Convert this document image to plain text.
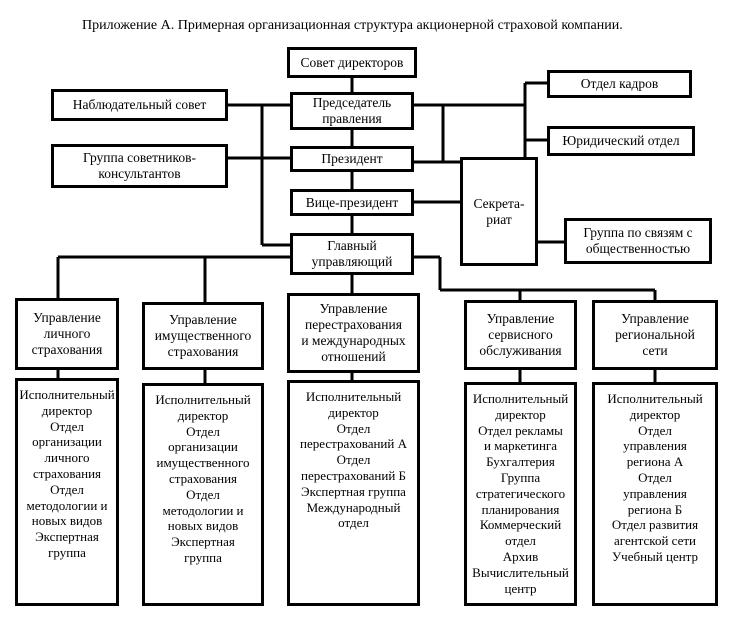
Приложение А. Примерная организационная структура акционерной страховой компании.
Совет директоров
Наблюдательный совет	Председатель
правления
Отдел кадров
Юридический отдел
Группа советников-
консультантов
Президент
Секрета-
риат
Вице-президент
Группа по связям с
общественностью
Главный
управляющий
Управление
личного
страхования
Управление
имущественного
страхования
Управление
перестрахования
и международных
отношений
Управление
сервисного
обслуживания
Управление
региональной
сети
Исполнительный
директор
Отдел
организации
личного
страхования
Отдел
методологии и
новых видов
Экспертная
группа
Исполнительный
директор
Отдел
организации
имущественного
страхования
Отдел
методологии и
новых видов
Экспертная
группа
Исполнительный
директор
Отдел
перестрахований А
Отдел
перестрахований Б
Экспертная группа
Международный
отдел
Исполнительный
директор
Отдел рекламы
и маркетинга
Бухгалтерия
Группа
стратегического
планирования
Коммерческий
отдел
Архив
Вычислительный
центр
Исполнительный
директор
Отдел
управления
региона А
Отдел
управления
региона Б
Отдел развития
агентской сети
Учебный центр
